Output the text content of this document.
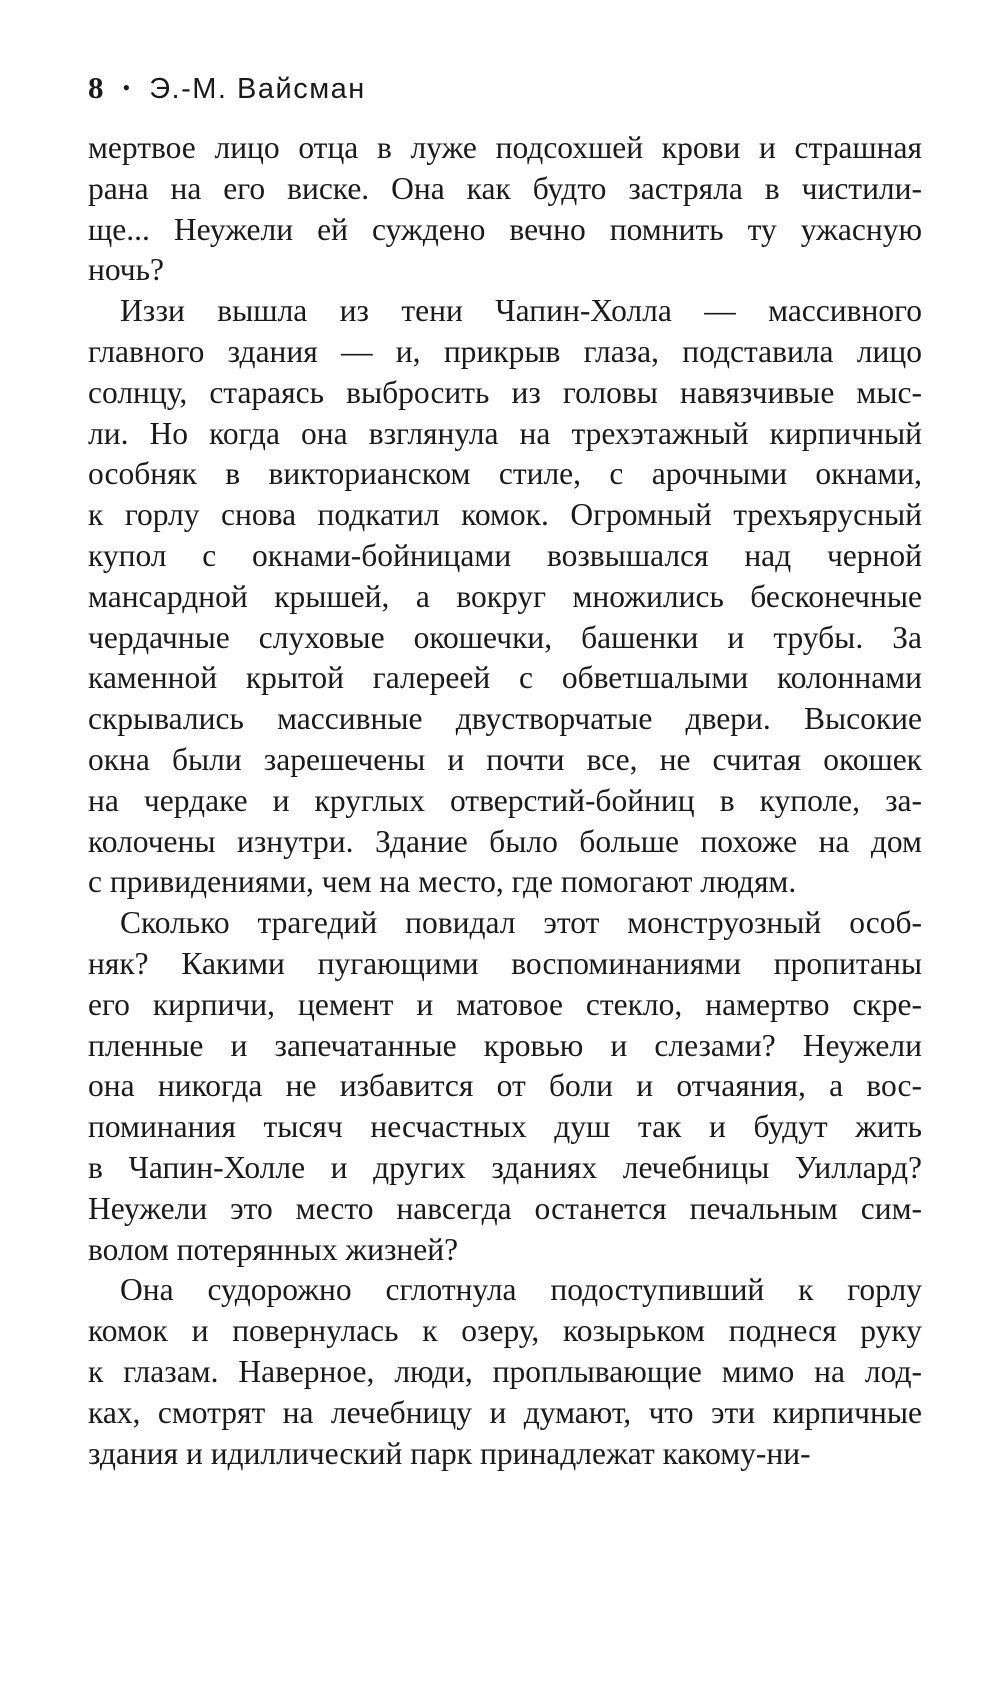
8 • Э.-М. Вайсман
мертвое лицо отца в луже подсохшей крови и страшная
рана на его виске. Она как будто застряла в чистили-
ще... Неужели ей суждено вечно помнить ту ужасную
ночь?
Иззи вышла из тени Чапин-Холла — массивного
главного здания — и, прикрыв глаза, подставила лицо
солнцу, стараясь выбросить из головы навязчивые мыс-
ли. Но когда она взглянула на трехэтажный кирпичный
особняк в викторианском стиле, с арочными окнами,
к горлу снова подкатил комок. Огромный трехъярусный
купол с окнами-бойницами возвышался над черной
мансардной крышей, а вокруг множились бесконечные
чердачные слуховые окошечки, башенки и трубы. За
каменной крытой галереей с обветшалыми колоннами
скрывались массивные двустворчатые двери. Высокие
окна были зарешечены и почти все, не считая окошек
на чердаке и круглых отверстий-бойниц в куполе, за-
колочены изнутри. Здание было больше похоже на дом
с привидениями, чем на место, где помогают людям.
Сколько трагедий повидал этот монструозный особ-
няк? Какими пугающими воспоминаниями пропитаны
его кирпичи, цемент и матовое стекло, намертво скре-
пленные и запечатанные кровью и слезами? Неужели
она никогда не избавится от боли и отчаяния, а вос-
поминания тысяч несчастных душ так и будут жить
в Чапин-Холле и других зданиях лечебницы Уиллард?
Неужели это место навсегда останется печальным сим-
волом потерянных жизней?
Она судорожно сглотнула подоступивший к горлу
комок и повернулась к озеру, козырьком поднеся руку
к глазам. Наверное, люди, проплывающие мимо на лод-
ках, смотрят на лечебницу и думают, что эти кирпичные
здания и идиллический парк принадлежат какому-ни-
